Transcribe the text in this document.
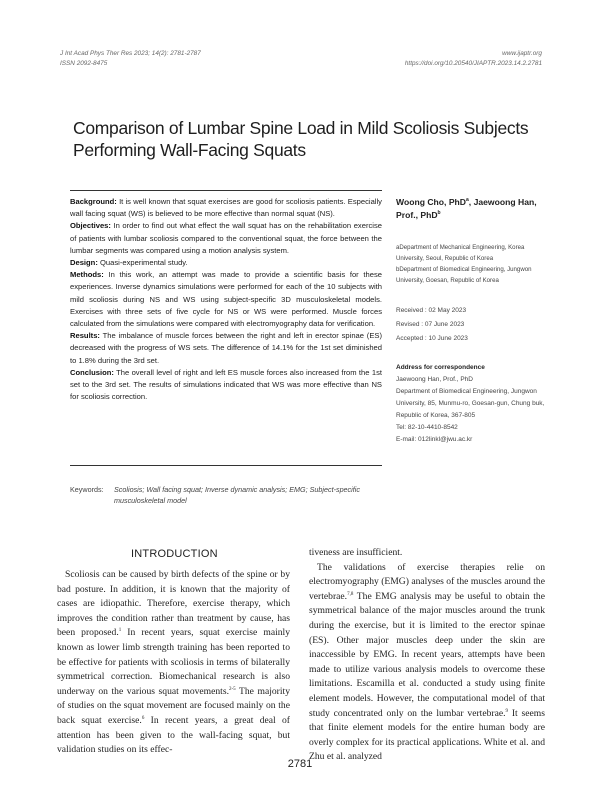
J Int Acad Phys Ther Res 2023; 14(2): 2781-2787
ISSN 2092-8475
www.ijaptr.org
https://doi.org/10.20540/JIAPTR.2023.14.2.2781
Comparison of Lumbar Spine Load in Mild Scoliosis Subjects Performing Wall-Facing Squats

Background: It is well known that squat exercises are good for scoliosis patients. Especially wall facing squat (WS) is believed to be more effective than normal squat (NS).

Objectives: In order to find out what effect the wall squat has on the rehabilitation exercise of patients with lumbar scoliosis compared to the conventional squat, the force between the lumbar segments was compared using a motion analysis system.

Design: Quasi-experimental study.

Methods: In this work, an attempt was made to provide a scientific basis for these experiences. Inverse dynamics simulations were performed for each of the 10 subjects with mild scoliosis during NS and WS using subject-specific 3D musculoskeletal models. Exercises with three sets of five cycle for NS or WS were performed. Muscle forces calculated from the simulations were compared with electromyography data for verification.

Results: The imbalance of muscle forces between the right and left in erector spinae (ES) decreased with the progress of WS sets. The difference of 14.1% for the 1st set diminished to 1.8% during the 3rd set.

Conclusion: The overall level of right and left ES muscle forces also increased from the 1st set to the 3rd set. The results of simulations indicated that WS was more effective than NS for scoliosis correction.

Woong Cho, PhD$^a$, Jaewoong Han, Prof., PhD$^b$

aDepartment of Mechanical Engineering, Korea University, Seoul, Republic of Korea

bDepartment of Biomedical Engineering, Jungwon University, Goesan, Republic of Korea

Received : 02 May 2023

Revised : 07 June 2023

Accepted : 10 June 2023

Address for correspondence

Jaewoong Han, Prof., PhD

Department of Biomedical Engineering, Jungwon University, 85, Munmu-ro, Goesan-gun, Chung buk, Republic of Korea, 367-805

Tel: 82-10-4410-8542

E-mail: 012linkl@jwu.ac.kr

Keywords: Scoliosis; Wall facing squat; Inverse dynamic analysis; EMG; Subject-specific musculoskeletal model
INTRODUCTION

Scoliosis can be caused by birth defects of the spine or by bad posture. In addition, it is known that the majority of cases are idiopathic. Therefore, exercise therapy, which improves the condition rather than treatment by cause, has been proposed.$^1$ In recent years, squat exercise mainly known as lower limb strength training has been reported to be effective for patients with scoliosis in terms of bilaterally symmetrical correction. Biomechanical research is also underway on the various squat movements.$^{2-5}$ The majority of studies on the squat movement are focused mainly on the back squat exercise.$^6$ In recent years, a great deal of attention has been given to the wall-facing squat, but validation studies on its effec-

tiveness are insufficient.

The validations of exercise therapies relie on electromyography (EMG) analyses of the muscles around the vertebrae.$^{7,8}$ The EMG analysis may be useful to obtain the symmetrical balance of the major muscles around the trunk during the exercise, but it is limited to the erector spinae (ES). Other major muscles deep under the skin are inaccessible by EMG. In recent years, attempts have been made to utilize various analysis models to overcome these limitations. Escamilla et al. conducted a study using finite element models. However, the computational model of that study concentrated only on the lumbar vertebrae.$^9$ It seems that finite element models for the entire human body are overly complex for its practical applications. White et al. and Zhu et al. analyzed

2781
